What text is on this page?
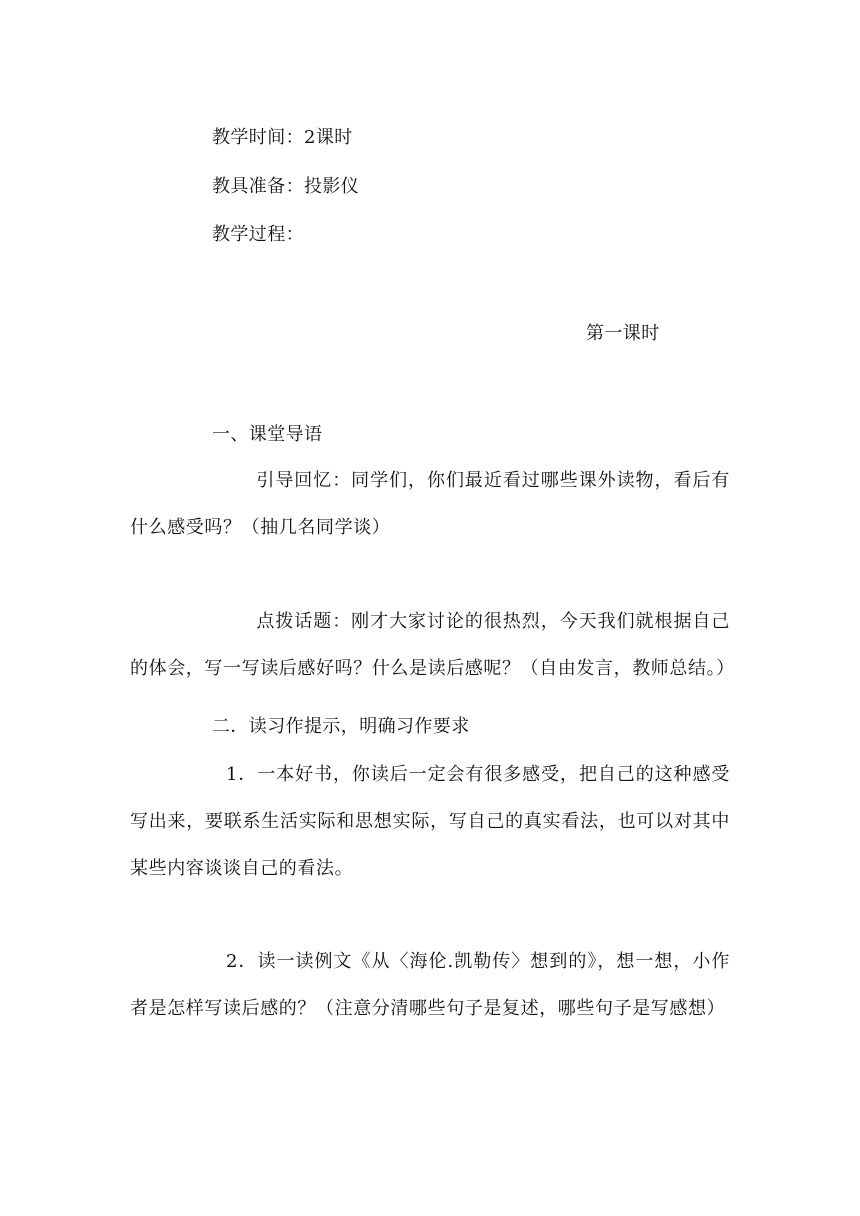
教学时间：2课时
教具准备：投影仪
教学过程：
第一课时
一、课堂导语

引导回忆：同学们，你们最近看过哪些课外读物，看后有什么感受吗？（抽几名同学谈）

点拨话题：刚才大家讨论的很热烈，今天我们就根据自己的体会，写一写读后感好吗？什么是读后感呢？（自由发言，教师总结。）

二．读习作提示，明确习作要求

1．一本好书，你读后一定会有很多感受，把自己的这种感受写出来，要联系生活实际和思想实际，写自己的真实看法，也可以对其中某些内容谈谈自己的看法。

2．读一读例文《从〈海伦.凯勒传〉想到的》，想一想，小作者是怎样写读后感的？（注意分清哪些句子是复述，哪些句子是写感想）
